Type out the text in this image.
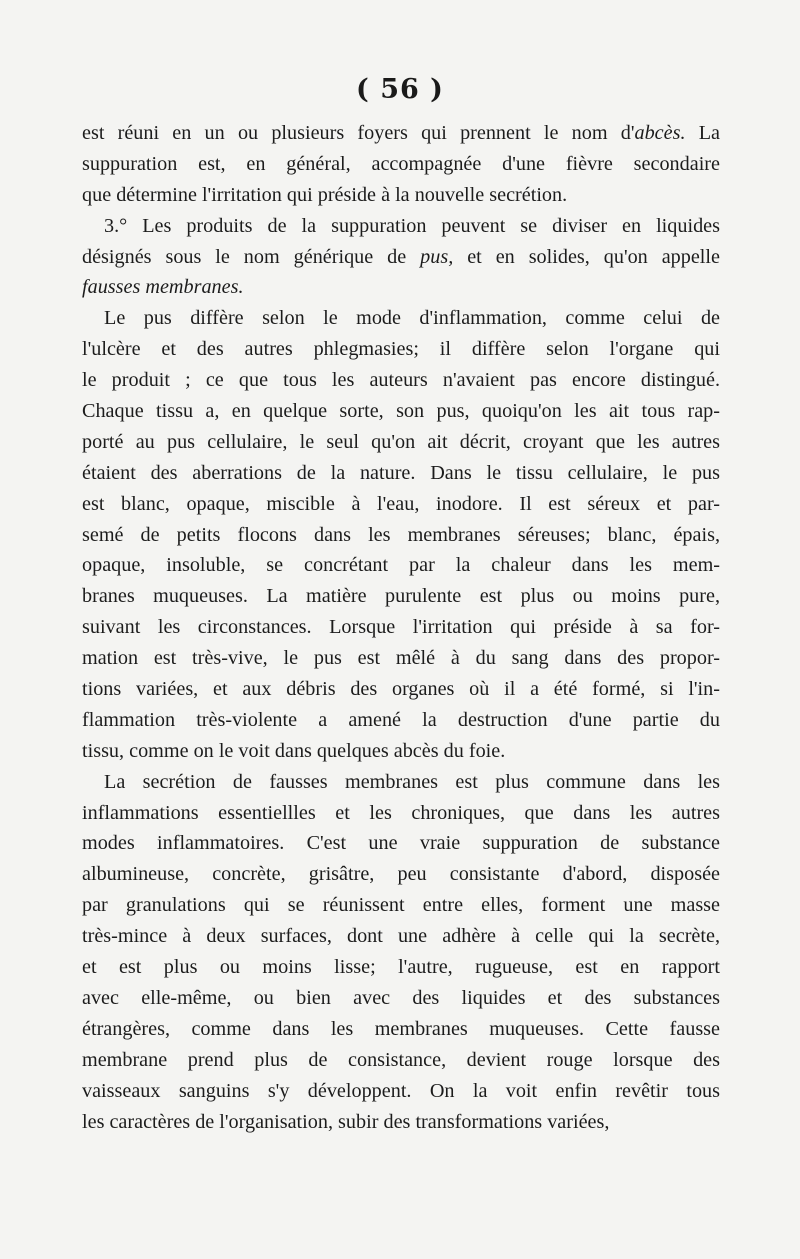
( 56 )
est réuni en un ou plusieurs foyers qui prennent le nom d'abcès. La
suppuration est, en général, accompagnée d'une fièvre secondaire
que détermine l'irritation qui préside à la nouvelle secrétion.
3.° Les produits de la suppuration peuvent se diviser en liquides
désignés sous le nom générique de pus, et en solides, qu'on appelle
fausses membranes.
Le pus diffère selon le mode d'inflammation, comme celui de
l'ulcère et des autres phlegmasies; il diffère selon l'organe qui
le produit ; ce que tous les auteurs n'avaient pas encore distingué.
Chaque tissu a, en quelque sorte, son pus, quoiqu'on les ait tous rap-
porté au pus cellulaire, le seul qu'on ait décrit, croyant que les autres
étaient des aberrations de la nature. Dans le tissu cellulaire, le pus
est blanc, opaque, miscible à l'eau, inodore. Il est séreux et par-
semé de petits flocons dans les membranes séreuses; blanc, épais,
opaque, insoluble, se concrétant par la chaleur dans les mem-
branes muqueuses. La matière purulente est plus ou moins pure,
suivant les circonstances. Lorsque l'irritation qui préside à sa for-
mation est très-vive, le pus est mêlé à du sang dans des propor-
tions variées, et aux débris des organes où il a été formé, si l'in-
flammation très-violente a amené la destruction d'une partie du
tissu, comme on le voit dans quelques abcès du foie.
La secrétion de fausses membranes est plus commune dans les
inflammations essentiellles et les chroniques, que dans les autres
modes inflammatoires. C'est une vraie suppuration de substance
albumineuse, concrète, grisâtre, peu consistante d'abord, disposée
par granulations qui se réunissent entre elles, forment une masse
très-mince à deux surfaces, dont une adhère à celle qui la secrète,
et est plus ou moins lisse; l'autre, rugueuse, est en rapport
avec elle-même, ou bien avec des liquides et des substances
étrangères, comme dans les membranes muqueuses. Cette fausse
membrane prend plus de consistance, devient rouge lorsque des
vaisseaux sanguins s'y développent. On la voit enfin revêtir tous
les caractères de l'organisation, subir des transformations variées,
